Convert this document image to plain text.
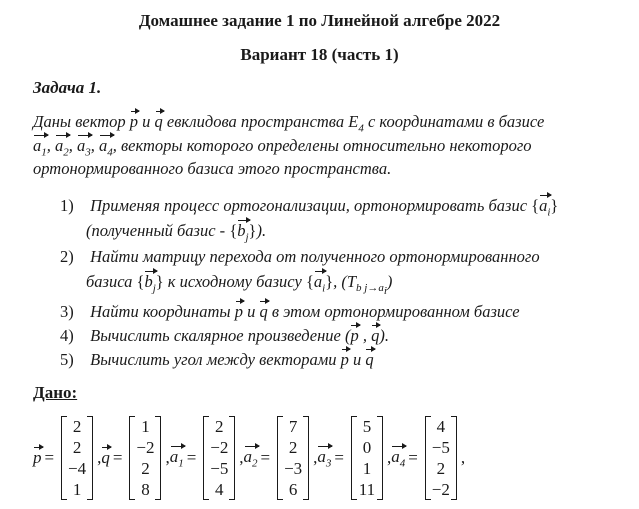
Домашнее задание 1 по Линейной алгебре 2022
Вариант 18 (часть 1)
Задача 1.
Даны вектор p и q евклидова пространства $E_4$ с координатами в базисе
$a_1$, $a_2$, $a_3$, $a_4$, векторы которого определены относительно некоторого
ортонормированного базиса этого пространства.
1) Применяя процесс ортогонализации, ортонормировать базис $\{a_i\}$
(полученный базис - $\{b_j\}$).
2) Найти матрицу перехода от полученного ортонормированного
базиса $\{b_j\}$ к исходному базису $\{a_i\}$, $(T_{b j\to a_i})$
3) Найти координаты p и q в этом ортонормированном базисе
4) Вычислить скалярное произведение (p , q).
5) Вычислить угол между векторами p и q
Дано:
p =
2
2
−4
1
, q =
1
−2
2
8
, $a_1$ =
2
−2
−5
4
, $a_2$ =
7
2
−3
6
, $a_3$ =
5
0
1
11
, $a_4$ =
4
−5
2
−2
,
